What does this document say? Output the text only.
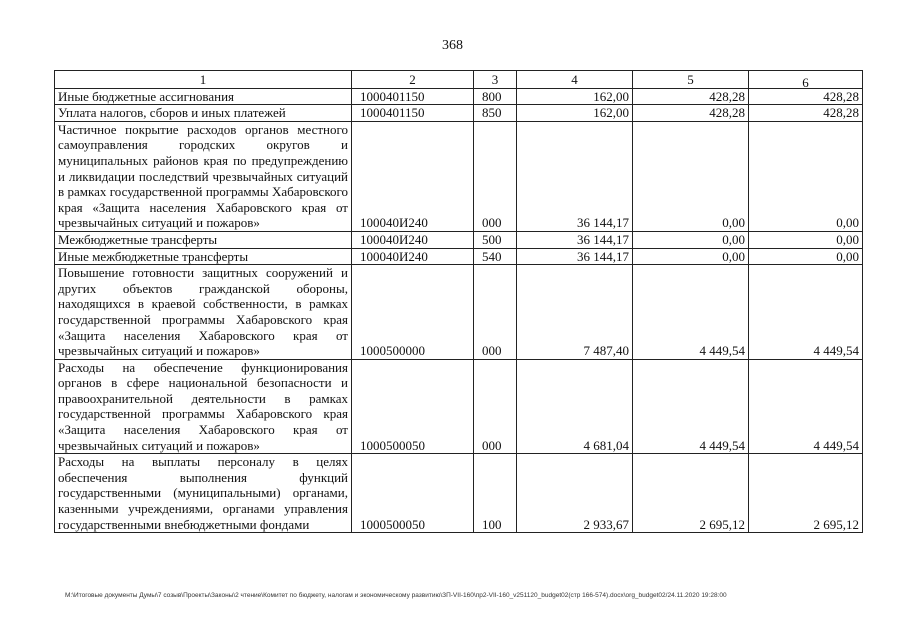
368
1	2	3	4	5	6
Иные бюджетные ассигнования	1000401150	800	162,00	428,28	428,28
Уплата налогов, сборов и иных платежей	1000401150	850	162,00	428,28	428,28
Частичное покрытие расходов органов местного самоуправления городских округов и муниципальных районов края по предупреждению и ликвидации последствий чрезвычайных ситуаций в рамках государственной программы Хабаровского края «Защита населения Хабаровского края от чрезвычайных ситуаций и пожаров»	100040И240	000	36 144,17	0,00	0,00
Межбюджетные трансферты	100040И240	500	36 144,17	0,00	0,00
Иные межбюджетные трансферты	100040И240	540	36 144,17	0,00	0,00
Повышение готовности защитных сооружений и других объектов гражданской обороны, находящихся в краевой собственности, в рамках государственной программы Хабаровского края «Защита населения Хабаровского края от чрезвычайных ситуаций и пожаров»	1000500000	000	7 487,40	4 449,54	4 449,54
Расходы на обеспечение функционирования органов в сфере национальной безопасности и правоохранительной деятельности в рамках государственной программы Хабаровского края «Защита населения Хабаровского края от чрезвычайных ситуаций и пожаров»	1000500050	000	4 681,04	4 449,54	4 449,54
Расходы на выплаты персоналу в целях обеспечения выполнения функций государственными (муниципальными) органами, казенными учреждениями, органами управления государственными внебюджетными фондами	1000500050	100	2 933,67	2 695,12	2 695,12
M:\Итоговые документы Думы\7 созыв\Проекты\Законы\2 чтение\Комитет по бюджету, налогам и экономическому развитию\ЗП-VII-160\пр2-VII-160_v251120_budget02(стр 166-574).docx\org_budget02/24.11.2020 19:28:00
